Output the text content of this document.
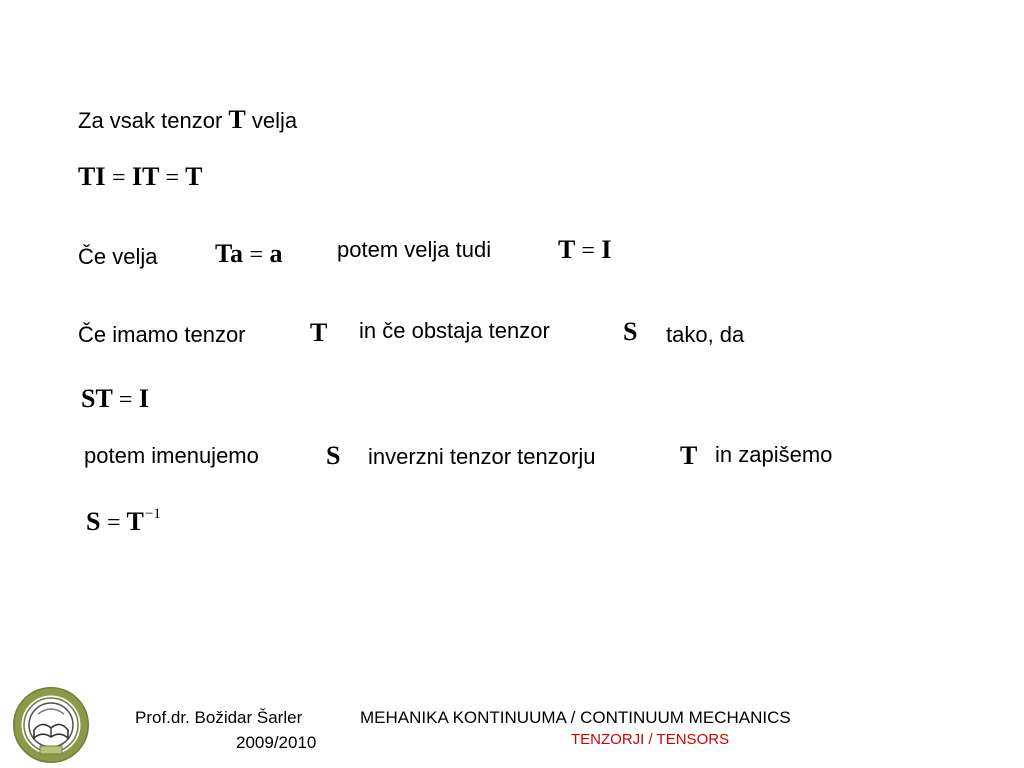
Za vsak tenzor T velja
TI = IT = T
Če velja Ta = a potem velja tudi	T = I
Če imamo tenzor T in če obstaja tenzor	S tako, da
ST = I
potem imenujemo	S inverzni tenzor tenzorju	T in zapišemo
$S = T^{-1}$
Prof.dr. Božidar Šarler
2009/2010
MEHANIKA KONTINUUMA / CONTINUUM MECHANICS
TENZORJI / TENSORS
